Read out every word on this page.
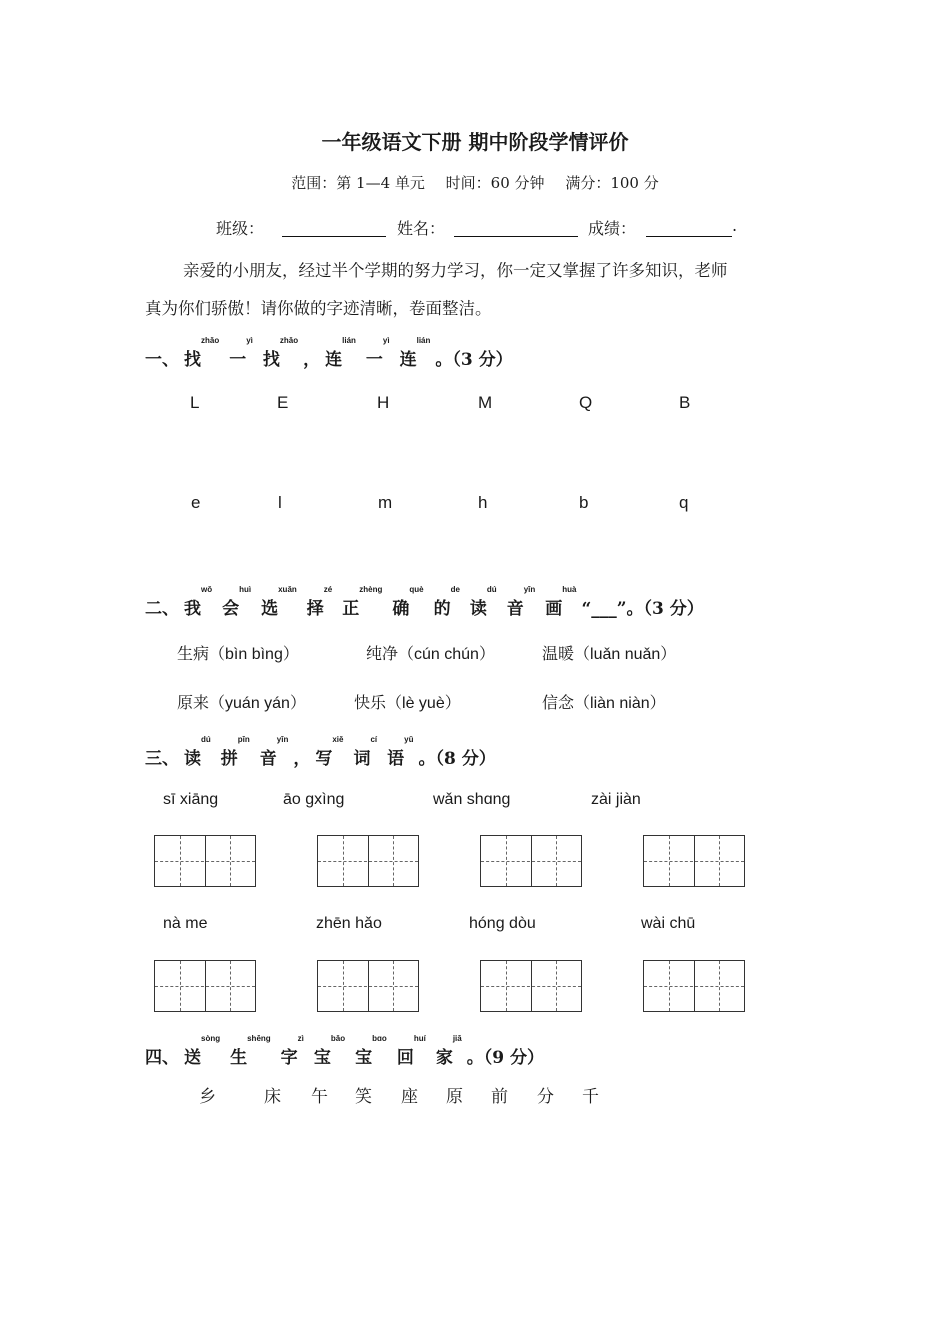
一年级语文下册 期中阶段学情评价
范围：第 1—4 单元 时间：60 分钟 满分：100 分
班级：	姓名：	成绩：	.

亲爱的小朋友，经过半个学期的努力学习，你一定又掌握了许多知识，老师

真为你们骄傲！请你做的字迹清晰，卷面整洁。

一、 找zhǎo一yì找zhǎo， 连lián一yì连lián。（3 分）
二、 我wǒ会huì选xuǎn择zé正zhèng确què的de读dú音yīn画huà“___”。（3 分）
三、 读dú拼pīn音yīn， 写xiě词cí语yǔ。（8 分）
四、 送sòng生shēng字zì宝bǎo宝bɑo回huí家jiā。（9 分）
L	E	H	M	Q	B
e	l	m	h	b	q
生病（bìn bìng）	纯净（cún chún）	温暖（luǎn nuǎn）
原来（yuán yán）	快乐（lè yuè）	信念（liàn niàn）
sī xiāng	āo gxìng	wǎn shɑng	zài jiàn
nà me	zhēn hǎo	hóng dòu	wài chū
乡	床 午 笑 座 原 前 分 千
